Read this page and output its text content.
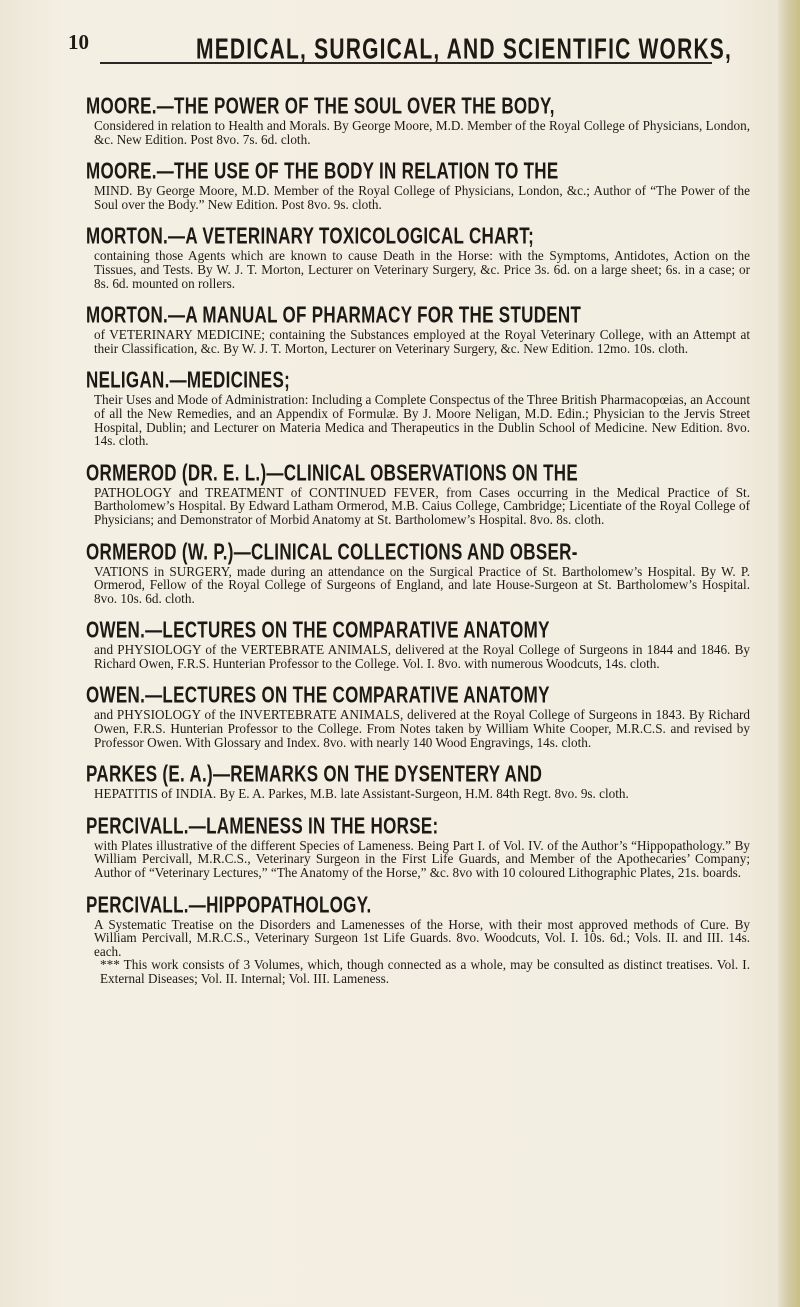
10	MEDICAL, SURGICAL, AND SCIENTIFIC WORKS,
MOORE.—THE POWER OF THE SOUL OVER THE BODY,
Considered in relation to Health and Morals. By George Moore, M.D. Member of the Royal College of Physicians, London, &c. New Edition. Post 8vo. 7s. 6d. cloth.
MOORE.—THE USE OF THE BODY IN RELATION TO THE
MIND. By George Moore, M.D. Member of the Royal College of Physicians, London, &c.; Author of “The Power of the Soul over the Body.” New Edition. Post 8vo. 9s. cloth.
MORTON.—A VETERINARY TOXICOLOGICAL CHART;
containing those Agents which are known to cause Death in the Horse: with the Symptoms, Antidotes, Action on the Tissues, and Tests. By W. J. T. Morton, Lecturer on Veterinary Surgery, &c. Price 3s. 6d. on a large sheet; 6s. in a case; or 8s. 6d. mounted on rollers.
MORTON.—A MANUAL OF PHARMACY FOR THE STUDENT
of VETERINARY MEDICINE; containing the Substances employed at the Royal Veterinary College, with an Attempt at their Classification, &c. By W. J. T. Morton, Lecturer on Veterinary Surgery, &c. New Edition. 12mo. 10s. cloth.
NELIGAN.—MEDICINES;
Their Uses and Mode of Administration: Including a Complete Conspectus of the Three British Pharmacopœias, an Account of all the New Remedies, and an Appendix of Formulæ. By J. Moore Neligan, M.D. Edin.; Physician to the Jervis Street Hospital, Dublin; and Lecturer on Materia Medica and Therapeutics in the Dublin School of Medicine. New Edition. 8vo. 14s. cloth.
ORMEROD (DR. E. L.)—CLINICAL OBSERVATIONS ON THE
PATHOLOGY and TREATMENT of CONTINUED FEVER, from Cases occurring in the Medical Practice of St. Bartholomew’s Hospital. By Edward Latham Ormerod, M.B. Caius College, Cambridge; Licentiate of the Royal College of Physicians; and Demonstrator of Morbid Anatomy at St. Bartholomew’s Hospital. 8vo. 8s. cloth.
ORMEROD (W. P.)—CLINICAL COLLECTIONS AND OBSER-
VATIONS in SURGERY, made during an attendance on the Surgical Practice of St. Bartholomew’s Hospital. By W. P. Ormerod, Fellow of the Royal College of Surgeons of England, and late House-Surgeon at St. Bartholomew’s Hospital. 8vo. 10s. 6d. cloth.
OWEN.—LECTURES ON THE COMPARATIVE ANATOMY
and PHYSIOLOGY of the VERTEBRATE ANIMALS, delivered at the Royal College of Surgeons in 1844 and 1846. By Richard Owen, F.R.S. Hunterian Professor to the College. Vol. I. 8vo. with numerous Woodcuts, 14s. cloth.
OWEN.—LECTURES ON THE COMPARATIVE ANATOMY
and PHYSIOLOGY of the INVERTEBRATE ANIMALS, delivered at the Royal College of Surgeons in 1843. By Richard Owen, F.R.S. Hunterian Professor to the College. From Notes taken by William White Cooper, M.R.C.S. and revised by Professor Owen. With Glossary and Index. 8vo. with nearly 140 Wood Engravings, 14s. cloth.
PARKES (E. A.)—REMARKS ON THE DYSENTERY AND
HEPATITIS of INDIA. By E. A. Parkes, M.B. late Assistant-Surgeon, H.M. 84th Regt. 8vo. 9s. cloth.
PERCIVALL.—LAMENESS IN THE HORSE:
with Plates illustrative of the different Species of Lameness. Being Part I. of Vol. IV. of the Author’s “Hippopathology.” By William Percivall, M.R.C.S., Veterinary Surgeon in the First Life Guards, and Member of the Apothecaries’ Company; Author of “Veterinary Lectures,” “The Anatomy of the Horse,” &c. 8vo with 10 coloured Lithographic Plates, 21s. boards.
PERCIVALL.—HIPPOPATHOLOGY.
A Systematic Treatise on the Disorders and Lamenesses of the Horse, with their most approved methods of Cure. By William Percivall, M.R.C.S., Veterinary Surgeon 1st Life Guards. 8vo. Woodcuts, Vol. I. 10s. 6d.; Vols. II. and III. 14s. each.
*** This work consists of 3 Volumes, which, though connected as a whole, may be consulted as distinct treatises. Vol. I. External Diseases; Vol. II. Internal; Vol. III. Lameness.
